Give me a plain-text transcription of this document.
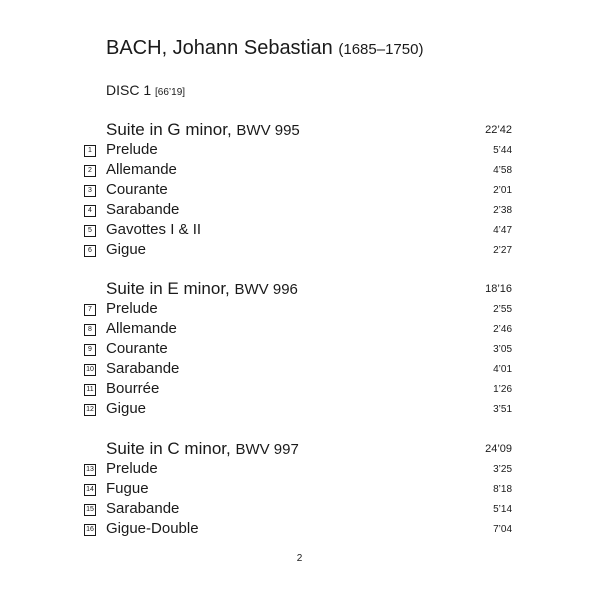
BACH, Johann Sebastian (1685–1750)
DISC 1 [66’19]
Suite in G minor, BWV 995	22’42
1 Prelude	5’44
2 Allemande	4’58
3 Courante	2’01
4 Sarabande	2’38
5 Gavottes I & II	4’47
6 Gigue	2’27
Suite in E minor, BWV 996	18’16
7 Prelude	2’55
8 Allemande	2’46
9 Courante	3’05
10 Sarabande	4’01
11 Bourrée	1’26
12 Gigue	3’51
Suite in C minor, BWV 997	24’09
13 Prelude	3’25
14 Fugue	8’18
15 Sarabande	5’14
16 Gigue-Double	7’04
2
